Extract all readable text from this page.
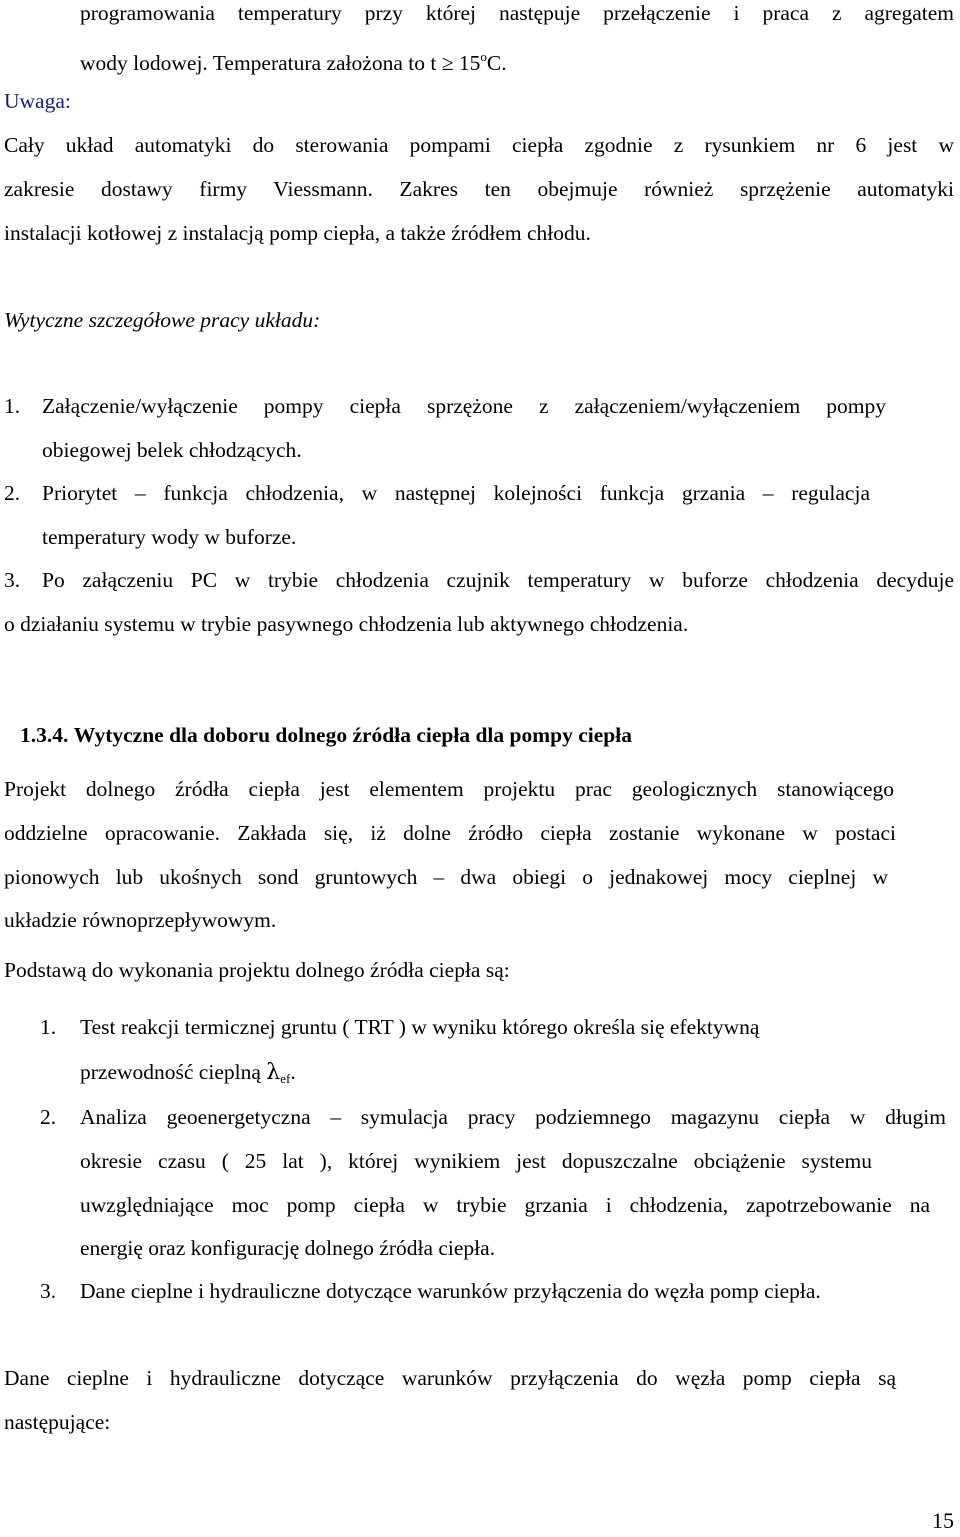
programowania temperatury przy której następuje przełączenie i praca z agregatem
wody lodowej. Temperatura założona to $t \ge 15^oC$.
Uwaga:
Cały układ automatyki do sterowania pompami ciepła zgodnie z rysunkiem nr 6 jest w
zakresie dostawy firmy Viessmann. Zakres ten obejmuje również sprzężenie automatyki
instalacji kotłowej z instalacją pomp ciepła, a także źródłem chłodu.
Wytyczne szczegółowe pracy układu:
1.	Załączenie/wyłączenie pompy ciepła sprzężone z załączeniem/wyłączeniem pompy
obiegowej belek chłodzących.
2.	Priorytet – funkcja chłodzenia, w następnej kolejności funkcja grzania – regulacja
temperatury wody w buforze.
3.	Po załączeniu PC w trybie chłodzenia czujnik temperatury w buforze chłodzenia decyduje
o działaniu systemu w trybie pasywnego chłodzenia lub aktywnego chłodzenia.
1.3.4. Wytyczne dla doboru dolnego źródła ciepła dla pompy ciepła
Projekt dolnego źródła ciepła jest elementem projektu prac geologicznych stanowiącego
oddzielne opracowanie. Zakłada się, iż dolne źródło ciepła zostanie wykonane w postaci
pionowych lub ukośnych sond gruntowych – dwa obiegi o jednakowej mocy cieplnej w
układzie równoprzepływowym.
Podstawą do wykonania projektu dolnego źródła ciepła są:
1.	Test reakcji termicznej gruntu ( TRT ) w wyniku którego określa się efektywną
przewodność cieplną $\lambda_{ef}$.
2.	Analiza geoenergetyczna – symulacja pracy podziemnego magazynu ciepła w długim
okresie czasu ( 25 lat ), której wynikiem jest dopuszczalne obciążenie systemu
uwzględniające moc pomp ciepła w trybie grzania i chłodzenia, zapotrzebowanie na
energię oraz konfigurację dolnego źródła ciepła.
3.	Dane cieplne i hydrauliczne dotyczące warunków przyłączenia do węzła pomp ciepła.
Dane cieplne i hydrauliczne dotyczące warunków przyłączenia do węzła pomp ciepła są
następujące:
15
